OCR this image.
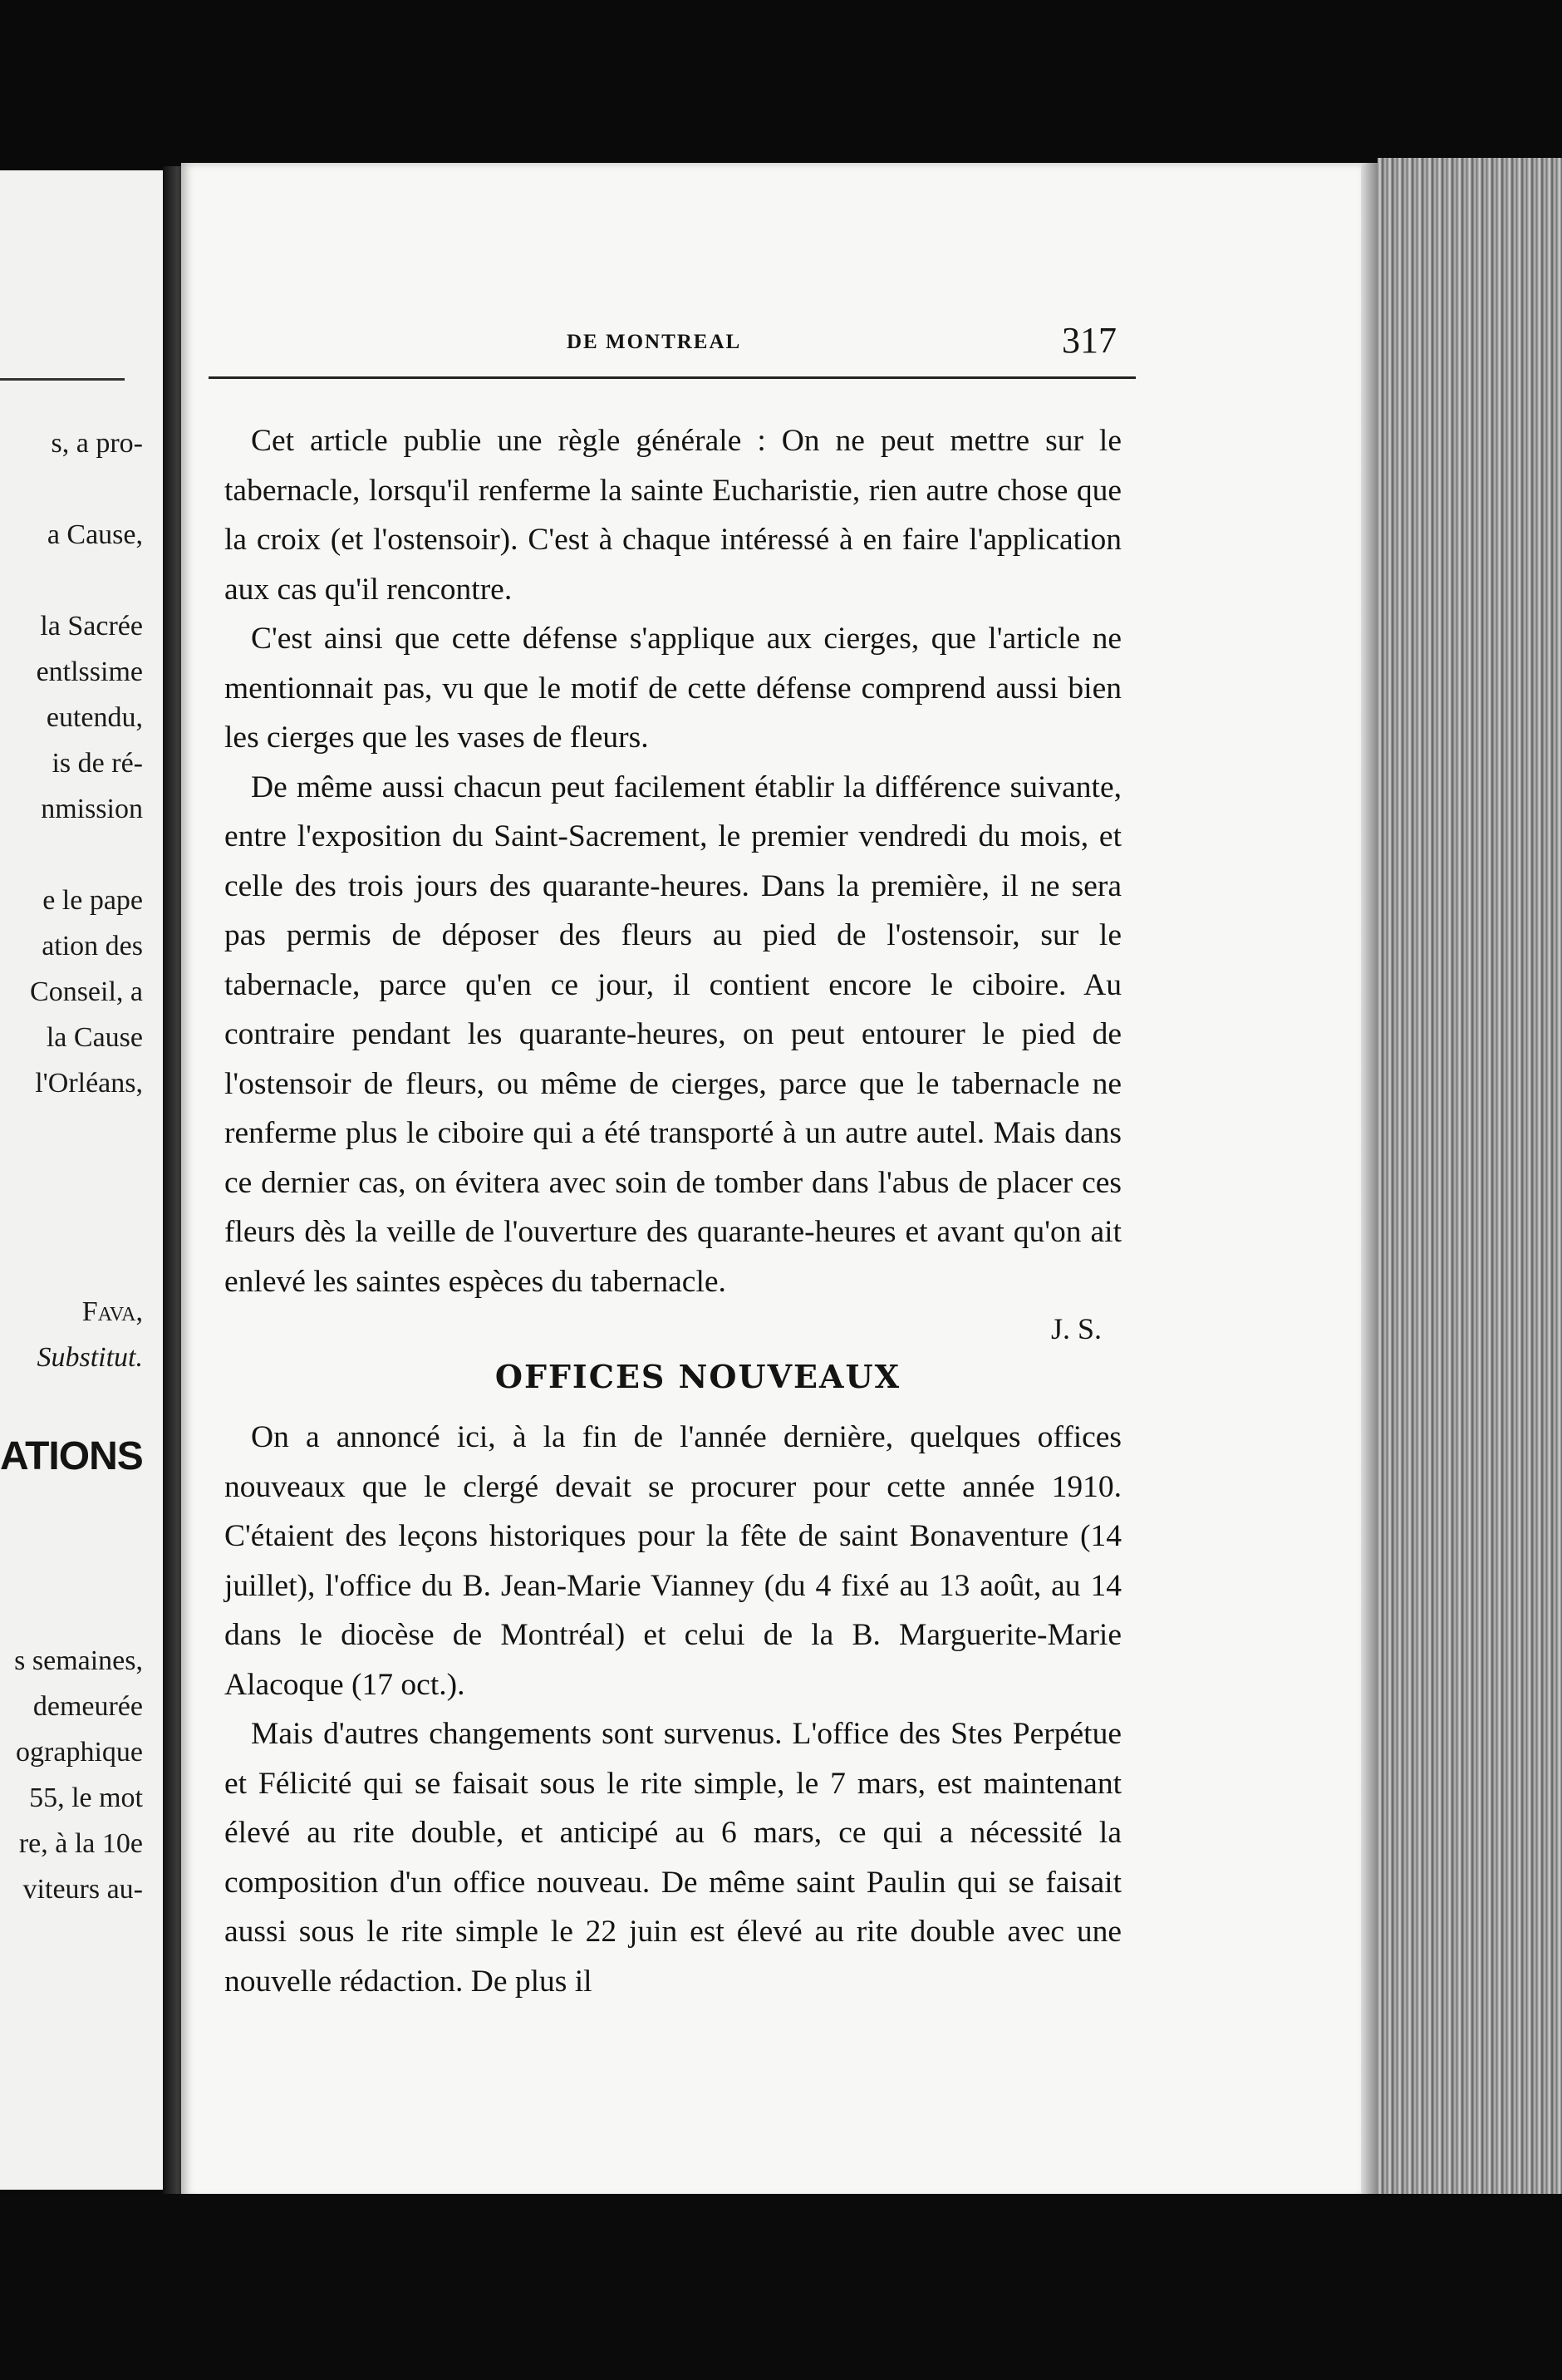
s, a pro-
a Cause,
la Sacrée
entlssime
eutendu,
is de ré-
nmission
e le pape
ation des
Conseil, a
la Cause
l'Orléans,
Fava,
Substitut.
ATIONS
s semaines,
demeurée
ographique
55, le mot
re, à la 10e
viteurs au-
DE MONTREAL	317

Cet article publie une règle générale : On ne peut mettre sur le tabernacle, lorsqu'il renferme la sainte Eucharistie, rien autre chose que la croix (et l'ostensoir). C'est à chaque intéressé à en faire l'application aux cas qu'il rencontre.

C'est ainsi que cette défense s'applique aux cierges, que l'article ne mentionnait pas, vu que le motif de cette défense comprend aussi bien les cierges que les vases de fleurs.

De même aussi chacun peut facilement établir la différence suivante, entre l'exposition du Saint-Sacrement, le premier vendredi du mois, et celle des trois jours des quarante-heures. Dans la première, il ne sera pas permis de déposer des fleurs au pied de l'ostensoir, sur le tabernacle, parce qu'en ce jour, il contient encore le ciboire. Au contraire pendant les quarante-heures, on peut entourer le pied de l'ostensoir de fleurs, ou même de cierges, parce que le tabernacle ne renferme plus le ciboire qui a été transporté à un autre autel. Mais dans ce dernier cas, on évitera avec soin de tomber dans l'abus de placer ces fleurs dès la veille de l'ouverture des quarante-heures et avant qu'on ait enlevé les saintes espèces du tabernacle.

J. S.

OFFICES NOUVEAUX

On a annoncé ici, à la fin de l'année dernière, quelques offices nouveaux que le clergé devait se procurer pour cette année 1910. C'étaient des leçons historiques pour la fête de saint Bonaventure (14 juillet), l'office du B. Jean-Marie Vianney (du 4 fixé au 13 août, au 14 dans le diocèse de Montréal) et celui de la B. Marguerite-Marie Alacoque (17 oct.).

Mais d'autres changements sont survenus. L'office des Stes Perpétue et Félicité qui se faisait sous le rite simple, le 7 mars, est maintenant élevé au rite double, et anticipé au 6 mars, ce qui a nécessité la composition d'un office nouveau. De même saint Paulin qui se faisait aussi sous le rite simple le 22 juin est élevé au rite double avec une nouvelle rédaction. De plus il
